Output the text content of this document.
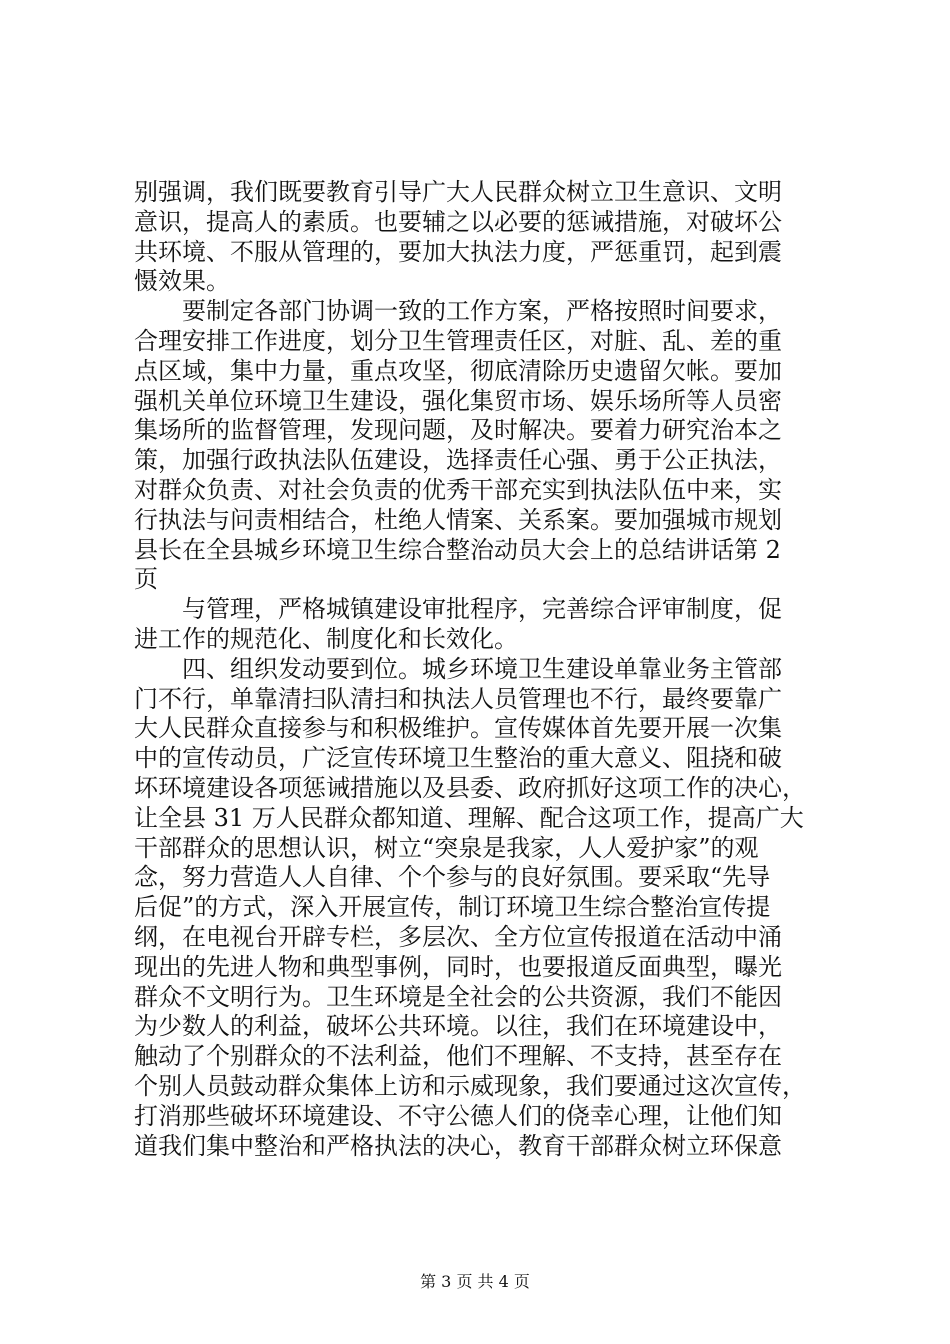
别强调，我们既要教育引导广大人民群众树立卫生意识、文明
意识，提高人的素质。也要辅之以必要的惩诫措施，对破坏公
共环境、不服从管理的，要加大执法力度，严惩重罚，起到震
慑效果。
要制定各部门协调一致的工作方案，严格按照时间要求，
合理安排工作进度，划分卫生管理责任区，对脏、乱、差的重
点区域，集中力量，重点攻坚，彻底清除历史遗留欠帐。要加
强机关单位环境卫生建设，强化集贸市场、娱乐场所等人员密
集场所的监督管理，发现问题，及时解决。要着力研究治本之
策，加强行政执法队伍建设，选择责任心强、勇于公正执法，
对群众负责、对社会负责的优秀干部充实到执法队伍中来，实
行执法与问责相结合，杜绝人情案、关系案。要加强城市规划
县长在全县城乡环境卫生综合整治动员大会上的总结讲话第 2
页
与管理，严格城镇建设审批程序，完善综合评审制度，促
进工作的规范化、制度化和长效化。
四、组织发动要到位。城乡环境卫生建设单靠业务主管部
门不行，单靠清扫队清扫和执法人员管理也不行，最终要靠广
大人民群众直接参与和积极维护。宣传媒体首先要开展一次集
中的宣传动员，广泛宣传环境卫生整治的重大意义、阻挠和破
坏环境建设各项惩诫措施以及县委、政府抓好这项工作的决心，
让全县 31 万人民群众都知道、理解、配合这项工作，提高广大
干部群众的思想认识，树立“突泉是我家，人人爱护家”的观
念，努力营造人人自律、个个参与的良好氛围。要采取“先导
后促”的方式，深入开展宣传，制订环境卫生综合整治宣传提
纲，在电视台开辟专栏，多层次、全方位宣传报道在活动中涌
现出的先进人物和典型事例，同时，也要报道反面典型，曝光
群众不文明行为。卫生环境是全社会的公共资源，我们不能因
为少数人的利益，破坏公共环境。以往，我们在环境建设中，
触动了个别群众的不法利益，他们不理解、不支持，甚至存在
个别人员鼓动群众集体上访和示威现象，我们要通过这次宣传，
打消那些破坏环境建设、不守公德人们的侥幸心理，让他们知
道我们集中整治和严格执法的决心，教育干部群众树立环保意
第 3 页 共 4 页
